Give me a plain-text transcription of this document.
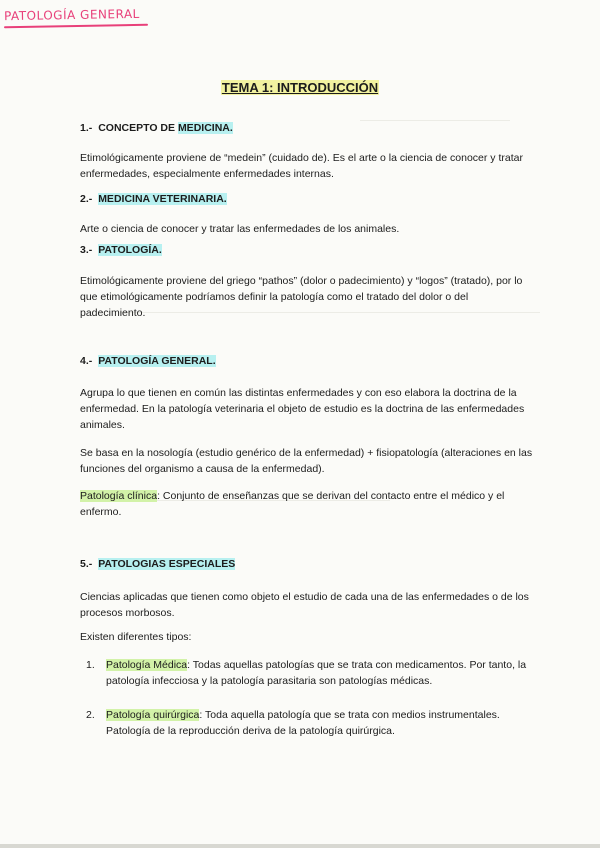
PATOLOGÍA GENERAL
TEMA 1: INTRODUCCIÓN
1.- CONCEPTO DE MEDICINA.
Etimológicamente proviene de “medein” (cuidado de). Es el arte o la ciencia de conocer y tratar
enfermedades, especialmente enfermedades internas.
2.- MEDICINA VETERINARIA.
Arte o ciencia de conocer y tratar las enfermedades de los animales.
3.- PATOLOGÍA.
Etimológicamente proviene del griego “pathos” (dolor o padecimiento) y “logos” (tratado), por lo
que etimológicamente podríamos definir la patología como el tratado del dolor o del
padecimiento.
4.- PATOLOGÍA GENERAL.
Agrupa lo que tienen en común las distintas enfermedades y con eso elabora la doctrina de la
enfermedad. En la patología veterinaria el objeto de estudio es la doctrina de las enfermedades
animales.
Se basa en la nosología (estudio genérico de la enfermedad) + fisiopatología (alteraciones en las
funciones del organismo a causa de la enfermedad).
Patología clínica: Conjunto de enseñanzas que se derivan del contacto entre el médico y el
enfermo.
5.- PATOLOGIAS ESPECIALES
Ciencias aplicadas que tienen como objeto el estudio de cada una de las enfermedades o de los
procesos morbosos.
Existen diferentes tipos:
1. Patología Médica: Todas aquellas patologías que se trata con medicamentos. Por tanto, la
patología infecciosa y la patología parasitaria son patologías médicas.
2. Patología quirúrgica: Toda aquella patología que se trata con medios instrumentales.
Patología de la reproducción deriva de la patología quirúrgica.
